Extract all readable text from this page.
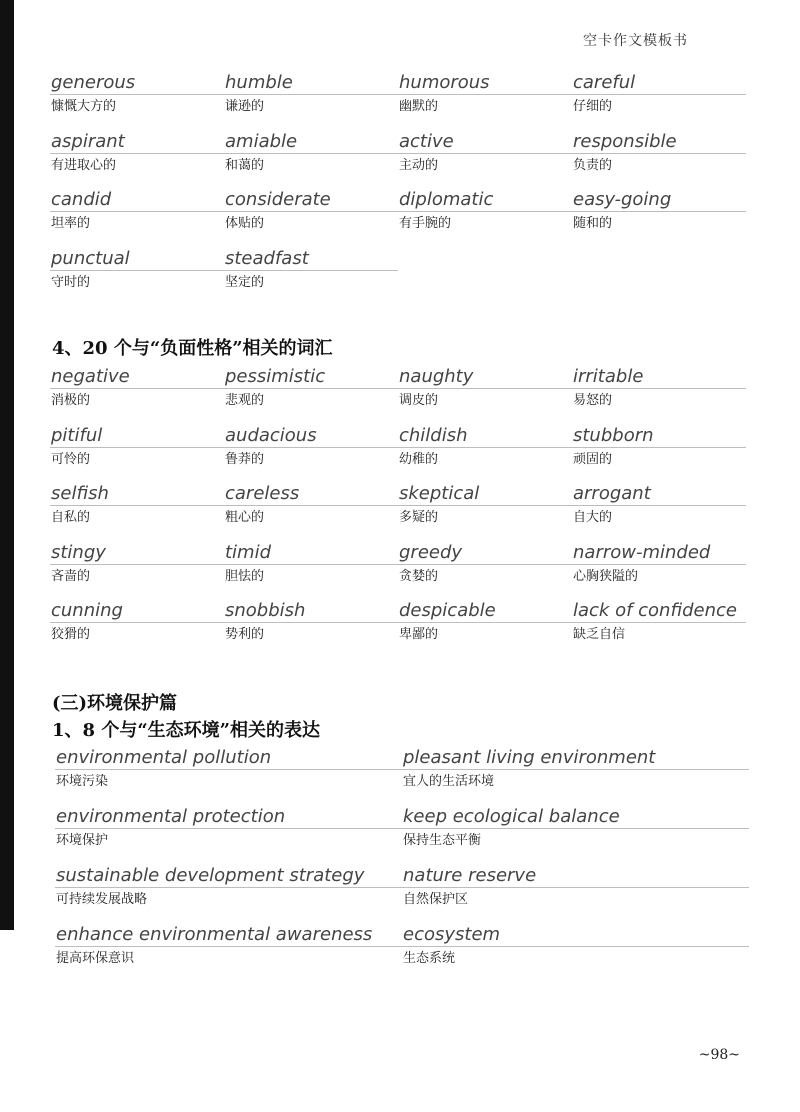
空卡作文模板书
generous
慷慨大方的
humble
谦逊的
humorous
幽默的
careful
仔细的
aspirant
有进取心的
amiable
和蔼的
active
主动的
responsible
负责的
candid
坦率的
considerate
体贴的
diplomatic
有手腕的
easy-going
随和的
punctual
守时的
steadfast
坚定的
4、20 个与“负面性格”相关的词汇
negative
消极的
pessimistic
悲观的
naughty
调皮的
irritable
易怒的
pitiful
可怜的
audacious
鲁莽的
childish
幼稚的
stubborn
顽固的
selfish
自私的
careless
粗心的
skeptical
多疑的
arrogant
自大的
stingy
吝啬的
timid
胆怯的
greedy
贪婪的
narrow-minded
心胸狭隘的
cunning
狡猾的
snobbish
势利的
despicable
卑鄙的
lack of confidence
缺乏自信
(三)环境保护篇
1、8 个与“生态环境”相关的表达
environmental pollution
环境污染
pleasant living environment
宜人的生活环境
environmental protection
环境保护
keep ecological balance
保持生态平衡
sustainable development strategy
可持续发展战略
nature reserve
自然保护区
enhance environmental awareness
提高环保意识
ecosystem
生态系统
~98~
